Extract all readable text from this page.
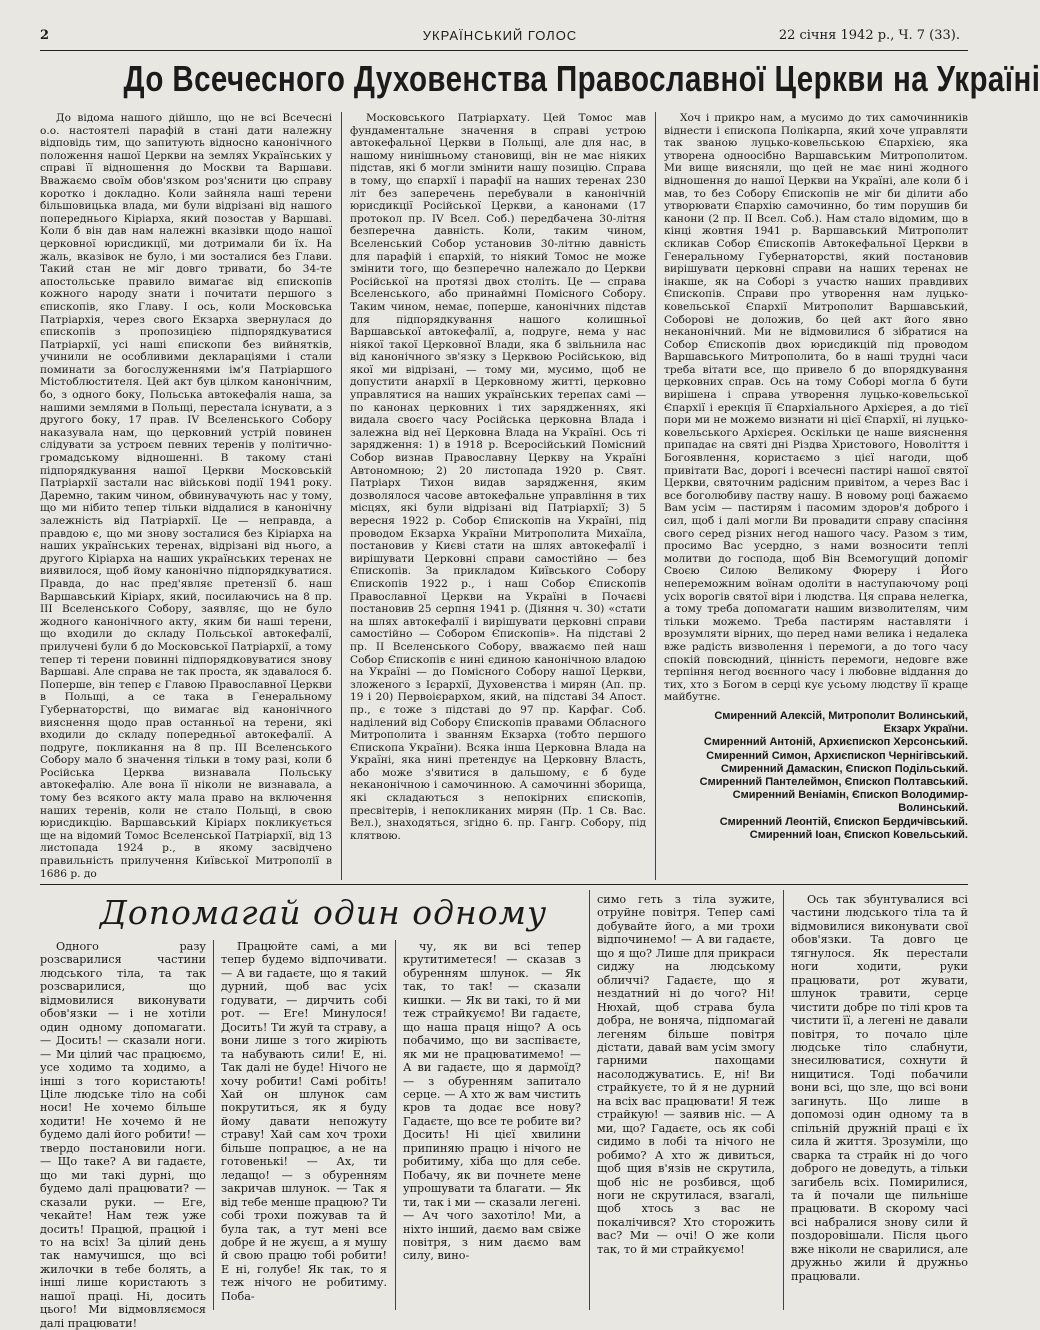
2	УКРАЇНСЬКИЙ ГОЛОС	22 січня 1942 р., Ч. 7 (33).
До Всечесного Духовенства Православної Церкви на Україні

До відома нашого дійшло, що не всі Всечесні о.о. настоятелі парафій в стані дати належну відповідь тим, що запитують відносно канонічного положення нашої Церкви на землях Українських у справі її відношення до Москви та Варшави. Вважаємо своїм обов'язком роз'яснити цю справу коротко і докладно. Коли зайняла наші терени більшовицька влада, ми були відрізані від нашого попереднього Кіріарха, який позостав у Варшаві. Коли б він дав нам належні вказівки щодо нашої церковної юрисдикції, ми дотримали би їх. На жаль, вказівок не було, і ми зосталися без Глави. Такий стан не міг довго тривати, бо 34-те апостольське правило вимагає від єпископів кожного народу знати і почитати першого з єпископів, яко Главу. І ось, коли Московська Патріархія, через свого Екзарха звернулася до єпископів з пропозицією підпорядкуватися Патріархії, усі наші єпископи без вийнятків, учинили не особливими деклараціями і стали поминати за богослуженнями ім'я Патріаршого Містоблюстителя. Цей акт був цілком канонічним, бо, з одного боку, Польська автокефалія наша, за нашими землями в Польщі, перестала існувати, а з другого боку, 17 прав. IV Вселенського Собору наказувала нам, що церковний устрій повинен слідувати за устроєм певних теренів у політично-громадському відношенні. В такому стані підпорядкування нашої Церкви Московській Патріархії застали нас військові події 1941 року. Даремно, таким чином, обвинувачують нас у тому, що ми нібито тепер тільки віддалися в канонічну залежність від Патріархії. Це — неправда, а правдою є, що ми знову зосталися без Кіріарха на наших українських теренах, відрізані від нього, а другого Кіріарха на наших українських теренах не виявилося, щоб йому канонічно підпорядкуватися. Правда, до нас пред'являє претензії б. наш Варшавський Кіріарх, який, посилаючись на 8 пр. III Вселенського Собору, заявляє, що не було жодного канонічного акту, яким би наші терени, що входили до складу Польської автокефалії, прилучені були б до Московської Патріархії, а тому тепер ті терени повинні підпорядковуватися знову Варшаві. Але справа не так проста, як здавалося б. Поперше, він тепер є Главою Православної Церкви в Польщі, а се така в Генеральному Губернаторстві, що вимагає від канонічного вияснення щодо прав останньої на терени, які входили до складу попередньої автокефалії. А подруге, покликання на 8 пр. III Вселенського Собору мало б значення тільки в тому разі, коли б Російська Церква визнавала Польську автокефалію. Але вона її ніколи не визнавала, а тому без всякого акту мала право на включення наших теренів, коли не стало Польщі, в свою юрисдикцію. Варшавський Кіріарх покликується ще на відомий Томос Вселенської Патріархії, від 13 листопада 1924 р., в якому засвідчено правильність прилучення Київської Митрополії в 1686 р. до

Московського Патріархату. Цей Томос мав фундаментальне значення в справі устрою автокефальної Церкви в Польщі, але для нас, в нашому нинішньому становищі, він не має ніяких підстав, які б могли змінити нашу позицію. Справа в тому, що єпархії і парафії на наших теренах 230 літ без заперечень перебували в канонічній юрисдикції Російської Церкви, а канонами (17 протокол пр. IV Всел. Соб.) передбачена 30-літня безперечна давність. Коли, таким чином, Вселенський Собор установив 30-літню давність для парафій і єпархій, то ніякий Томос не може змінити того, що безперечно належало до Церкви Російської на протязі двох століть. Це — справа Вселенського, або принаймні Помісного Собору. Таким чином, немає, поперше, канонічних підстав для підпорядкування нашого колишньої Варшавської автокефалії, а, подруге, нема у нас ніякої такої Церковної Влади, яка б звільнила нас від канонічного зв'язку з Церквою Російською, від якої ми відрізані, — тому ми, мусимо, щоб не допустити анархії в Церковному житті, церковно управлятися на наших українських терепах самі — по канонах церковних і тих зарядженнях, які видала своєго часу Російська церковна Влада і залежна від неї Церковна Влада на Україні. Ось ті зарядження: 1) в 1918 р. Всеросійський Помісний Собор визнав Православну Церкву на Україні Автономною; 2) 20 листопада 1920 р. Свят. Патріарх Тихон видав зарядження, яким дозволялося часове автокефальне управління в тих місцях, які були відрізані від Патріархії; 3) 5 вересня 1922 р. Собор Єпископів на Україні, під проводом Екзарха України Митрополита Михаїла, постановив у Києві стати на шлях автокефалії і вирішувати Церковні справи самостійно — без Єпископів. За прикладом Київського Собору Єпископів 1922 р., і наш Собор Єпископів Православної Церкви на Україні в Почаєві постановив 25 серпня 1941 р. (Діяння ч. 30) «стати на шлях автокефалії і вирішувати церковні справи самостійно — Собором Єпископів». На підставі 2 пр. II Вселенського Собору, вважаємо пей наш Собор Єпископів є нині єдиною канонічною владою на Україні — до Помісного Собору нашої Церкви, зложеного з Ієрархії, Духовенства і мирян (Ап. пр. 19 і 20) Первоієрархом, який, на підставі 34 Апост. пр., є тоже з підставі до 97 пр. Карфаг. Соб. наділений від Собору Єпископів правами Обласного Митрополита і званням Екзарха (тобто першого Єпископа України). Всяка інша Церковна Влада на Україні, яка нині претендує на Церковну Власть, або може з'явитися в дальшому, є б буде неканонічною і самочинною. А самочинні зборища, які складаються з непокірних єпископів, пресвітерів, і непокликаних мирян (Пр. 1 Св. Вас. Вел.), знаходяться, згідно 6. пр. Гангр. Собору, під клятвою.

Хоч і прикро нам, а мусимо до тих самочинників віднести і єпископа Полікарпа, який хоче управляти так званою луцько-ковельською Єпархією, яка утворена одноосібно Варшавським Митрополитом. Ми вище виясняли, що цей не має нині жодного відношення до нашої Церкви на Україні, але коли б і мав, то без Собору Єпископів не міг би ділити або утворювати Єпархію самочинно, бо тим порушив би канони (2 пр. II Всел. Соб.). Нам стало відомим, що в кінці жовтня 1941 р. Варшавський Митрополит скликав Собор Єпископів Автокефальної Церкви в Генеральному Губернаторстві, який постановив вирішувати церковні справи на наших теренах не інакше, як на Соборі з участю наших правдивих Єпископів. Справи про утворення нам луцько-ковельської Єпархії Митрополит Варшавський, Соборові не доложив, бо цей акт його явно неканонічний. Ми не відмовилися б зібратися на Собор Єпископів двох юрисдикцій під проводом Варшавського Митрополита, бо в наші трудні часи треба вітати все, що привело б до впорядкування церковних справ. Ось на тому Соборі могла б бути вирішена і справа утворення луцько-ковельської Єпархії і ерекція її Єпархіального Архієрея, а до тієї пори ми не можемо визнати ні цієї Єпархії, ні луцько-ковельського Архієрея. Оскільки це наше вияснення припадає на святі дні Різдва Христового, Новоліття і Богоявлення, користаємо з цієї нагоди, щоб привітати Вас, дорогі і всечесні пастирі нашої святої Церкви, святочним радісним привітом, а через Вас і все боголюбиву паству нашу. В новому році бажаємо Вам усім — пастирям і пасомим здоров'я доброго і сил, щоб і далі могли Ви провадити справу спасіння свого серед різних негод нашого часу. Разом з тим, просимо Вас усердно, з нами возносити теплі молитви до господа, щоб Він Всемогущий допоміг Своєю Силою Великому Фюреру і Його непереможним воїнам одоліти в наступаючому році усіх ворогів святої віри і людства. Ця справа нелегка, а тому треба допомагати нашим визволителям, чим тільки можемо. Треба пастирям наставляти і врозумляти вірних, що перед нами велика і недалека вже радість визволення і перемоги, а до того часу спокій повсюдний, цінність перемоги, недовге вже терпіння негод воєнного часу і любовне віддання до тих, хто з Богом в серці кує усьому людству її краще майбутнє.

Смиренний Алексій, Митрополит Волинський,
Екзарх України.
Смиренний Антоній, Архиєпископ Херсонський.
Смиренний Симон, Архиєпископ Чернігівський.
Смиренний Дамаскин, Єпископ Подільський.
Смиренний Пантелеймон, Єпископ Полтавський.
Смиренний Веніамін, Єпископ Володимир-
Волинський.
Смиренний Леонтій, Єпископ Бердичівський.
Смиренний Іоан, Єпископ Ковельський.
Допомагай один одному

Одного разу розсварилися частини людського тіла, та так розсварилися, що відмовилися виконувати обов'язки — і не хотіли один одному допомагати. — Досить! — сказали ноги. — Ми цілий час працюємо, усе ходимо та ходимо, а інші з того користають! Ціле людське тіло на собі носи! Не хочемо більше ходити! Не хочемо й не будемо далі його робити! — твердо постановили ноги. — Що таке? А ви гадаєте, що ми такі дурні, що будемо далі працювати? — сказали руки. — Еге, чекайте! Нам теж уже досить! Працюй, працюй і то на всіх! За цілий день так намучишся, що всі жилочки в тебе болять, а інші лише користають з нашої праці. Ні, досить цього! Ми відмовляємося далі працювати!

Працюйте самі, а ми тепер будемо відпочивати. — А ви гадаєте, що я такий дурний, щоб вас усіх годувати, — дирчить собі рот. — Еге! Минулося! Досить! Ти жуй та страву, а вони лише з того жиріють та набувають сили! Е, ні. Так далі не буде! Нічого не хочу робити! Самі робіть! Хай он шлунок сам покрутиться, як я буду йому давати непожуту страву! Хай сам хоч трохи більше попрацює, а не на готовенькі! — Ах, ти ледащо! — з обуренням закричав шлунок. — Так я від тебе менше працюю? Ти собі трохи пожував та й була так, а тут мені все добре й не жуєш, а я мушу й свою працю тобі робити! Е ні, голубе! Як так, то я теж нічого не робитиму. Поба-

чу, як ви всі тепер крутитиметеся! — сказав з обуренням шлунок. — Як так, то так! — сказали кишки. — Як ви такі, то й ми теж страйкуємо! Ви гадаєте, що наша праця ніщо? А ось побачимо, що ви заспіваєте, як ми не працюватимемо! — А ви гадаєте, що я дармоїд? — з обуренням запитало серце. — А хто ж вам чистить кров та додає все нову? Гадаєте, що все те робите ви? Досить! Ні цієї хвилини припиняю працю і нічого не робитиму, хіба що для себе. Побачу, як ви почнете мене упрошувати та благати. — Як ти, так і ми — сказали легені. — Ач чого захотіло! Ми, а ніхто інший, даємо вам свіже повітря, з ним даємо вам силу, вино-

симо геть з тіла зужите, отруйне повітря. Тепер самі добувайте його, а ми трохи відпочинемо! — А ви гадаєте, що я що? Лише для прикраси сиджу на людському обличчі? Гадаєте, що я нездатний ні до чого? Ні! Нюхай, щоб страва була добра, не воняча, підпомагай легеням більше повітря дістати, давай вам усім змогу гарними пахощами насолоджуватись. Е, ні! Ви страйкуєте, то й я не дурний на всіх вас працювати! Я теж страйкую! — заявив ніс. — А ми, що? Гадаєте, ось як собі сидимо в лобі та нічого не робимо? А хто ж дивиться, щоб щия в'язів не скрутила, щоб ніс не розбився, щоб ноги не скрутилася, взагалі, щоб хтось з вас не покалічився? Хто сторожить вас? Ми — очі! О же коли так, то й ми страйкуємо!

Ось так збунтувалися всі частини людського тіла та й відмовилися виконувати свої обов'язки. Та довго це тягнулося. Як перестали ноги ходити, руки працювати, рот жувати, шлунок травити, серце чистити добре по тілі кров та чистити її, а легені не давали повітря, то почало ціле людське тіло слабнути, знесилюватися, сохнути й нищитися. Тоді побачили вони всі, що зле, що всі вони загинуть. Що лише в допомозі один одному та в спільній дружній праці є їх сила й життя. Зрозуміли, що сварка та страйк ні до чого доброго не доведуть, а тільки загибель всіх. Помирилися, та й почали ще пильніше працювати. В скорому часі всі набралися знову сили й поздоровішали. Після цього вже ніколи не сварилися, але дружньо жили й дружньо працювали.
